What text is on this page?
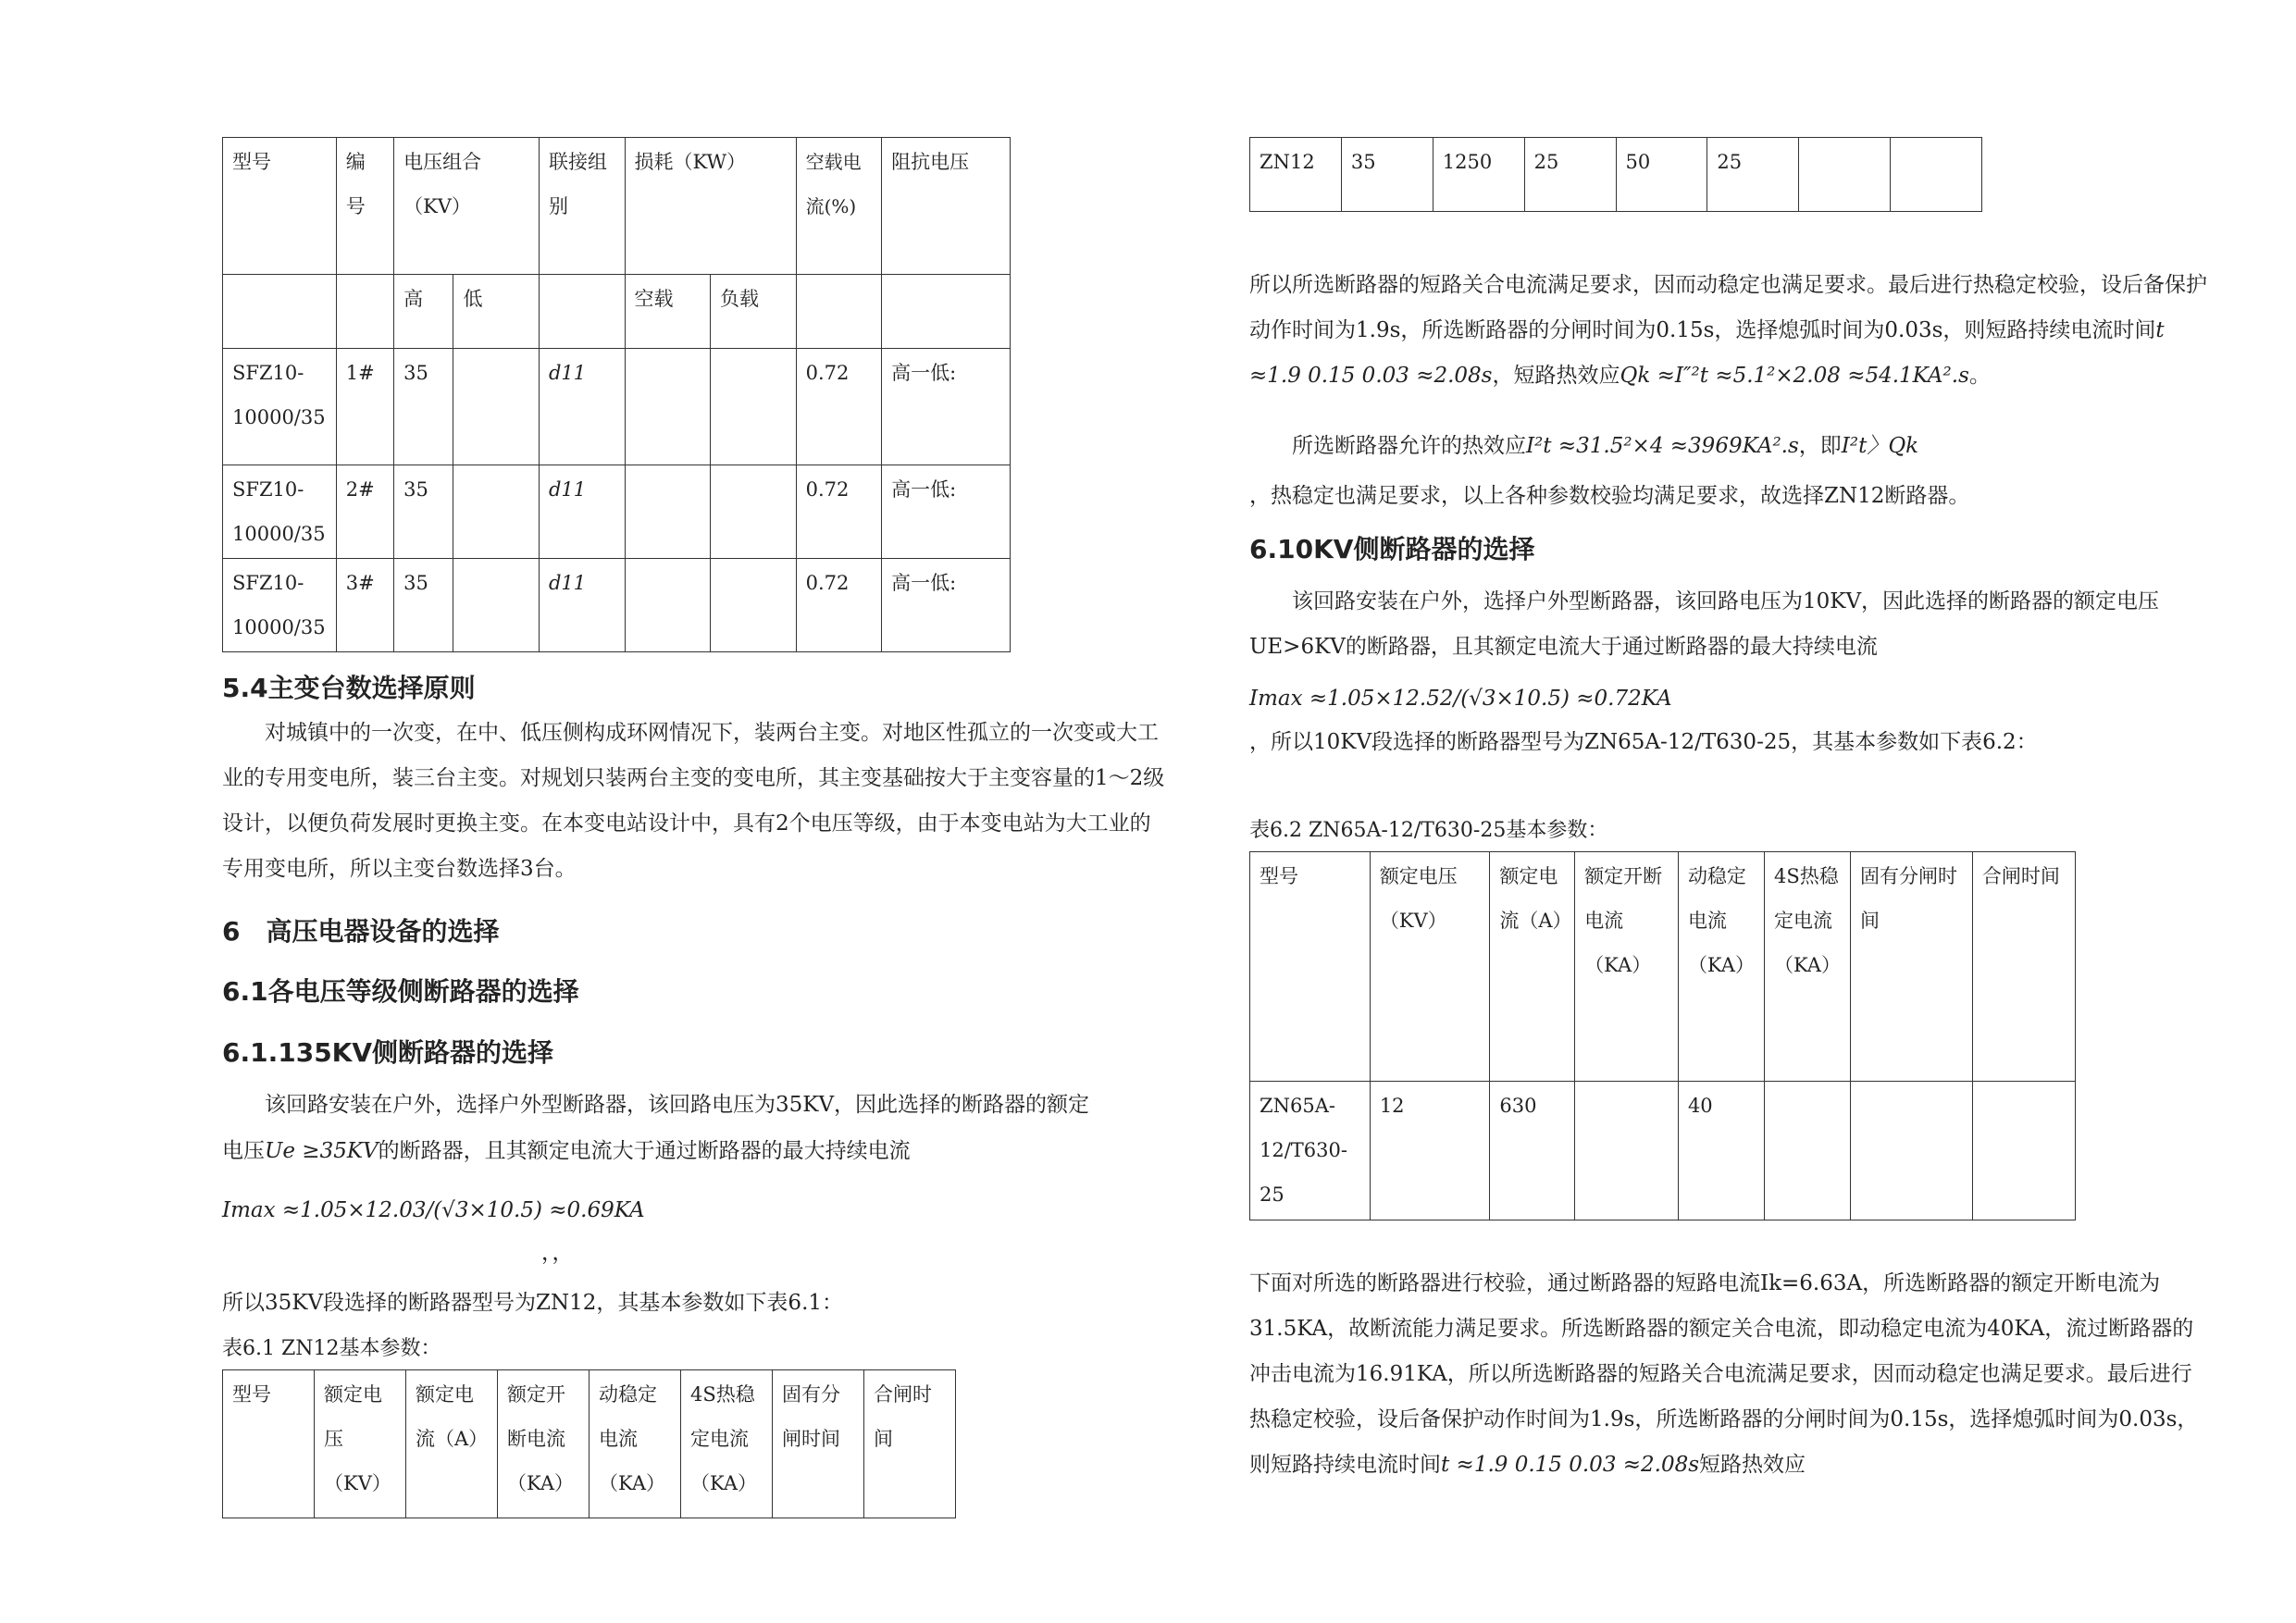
型号	编号	电压组合（KV）		联接组别	损耗（KW）		空载电流(%)	阻抗电压
		高	低		空载	负载		
SFZ10-10000/35	1#	35		d11			0.72	高一低:
SFZ10-10000/35	2#	35		d11			0.72	高一低:
SFZ10-10000/35	3#	35		d11			0.72	高一低:
5.4主变台数选择原则

对城镇中的一次变，在中、低压侧构成环网情况下，装两台主变。对地区性孤立的一次变或大工业的专用变电所，装三台主变。对规划只装两台主变的变电所，其主变基础按大于主变容量的1～2级设计，以便负荷发展时更换主变。在本变电站设计中，具有2个电压等级，由于本变电站为大工业的专用变电所，所以主变台数选择3台。

6　高压电器设备的选择
6.1各电压等级侧断路器的选择
6.1.135KV侧断路器的选择

该回路安装在户外，选择户外型断路器，该回路电压为35KV，因此选择的断路器的额定

电压Ue ≥35KV的断路器，且其额定电流大于通过断路器的最大持续电流

Imax ≈1.05×12.03/(√3×10.5) ≈0.69KA
，，

所以35KV段选择的断路器型号为ZN12，其基本参数如下表6.1：

表6.1 ZN12基本参数：
型号	额定电压（KV）	额定电流（A）	额定开断电流（KA）	动稳定电流（KA）	4S热稳定电流（KA）	固有分闸时间	合闸时间
ZN12	35	1250	25	50	25		

所以所选断路器的短路关合电流满足要求，因而动稳定也满足要求。最后进行热稳定校验，设后备保护动作时间为1.9s，所选断路器的分闸时间为0.15s，选择熄弧时间为0.03s，则短路持续电流时间t ≈1.9 0.15 0.03 ≈2.08s，短路热效应Qk ≈I″²t ≈5.1²×2.08 ≈54.1KA².s。

所选断路器允许的热效应I²t ≈31.5²×4 ≈3969KA².s，即I²t〉Qk

，热稳定也满足要求，以上各种参数校验均满足要求，故选择ZN12断路器。

6.10KV侧断路器的选择

该回路安装在户外，选择户外型断路器，该回路电压为10KV，因此选择的断路器的额定电压UE>6KV的断路器，且其额定电流大于通过断路器的最大持续电流

Imax ≈1.05×12.52/(√3×10.5) ≈0.72KA

，所以10KV段选择的断路器型号为ZN65A-12/T630-25，其基本参数如下表6.2：

表6.2 ZN65A-12/T630-25基本参数：
型号	额定电压（KV）	额定电流（A）	额定开断电流（KA）	动稳定电流（KA）	4S热稳定电流（KA）	固有分闸时间	合闸时间
ZN65A-12/T630-25	12	630		40			

下面对所选的断路器进行校验，通过断路器的短路电流Ik=6.63A，所选断路器的额定开断电流为31.5KA，故断流能力满足要求。所选断路器的额定关合电流，即动稳定电流为40KA，流过断路器的冲击电流为16.91KA，所以所选断路器的短路关合电流满足要求，因而动稳定也满足要求。最后进行热稳定校验，设后备保护动作时间为1.9s，所选断路器的分闸时间为0.15s，选择熄弧时间为0.03s，则短路持续电流时间t ≈1.9 0.15 0.03 ≈2.08s短路热效应
